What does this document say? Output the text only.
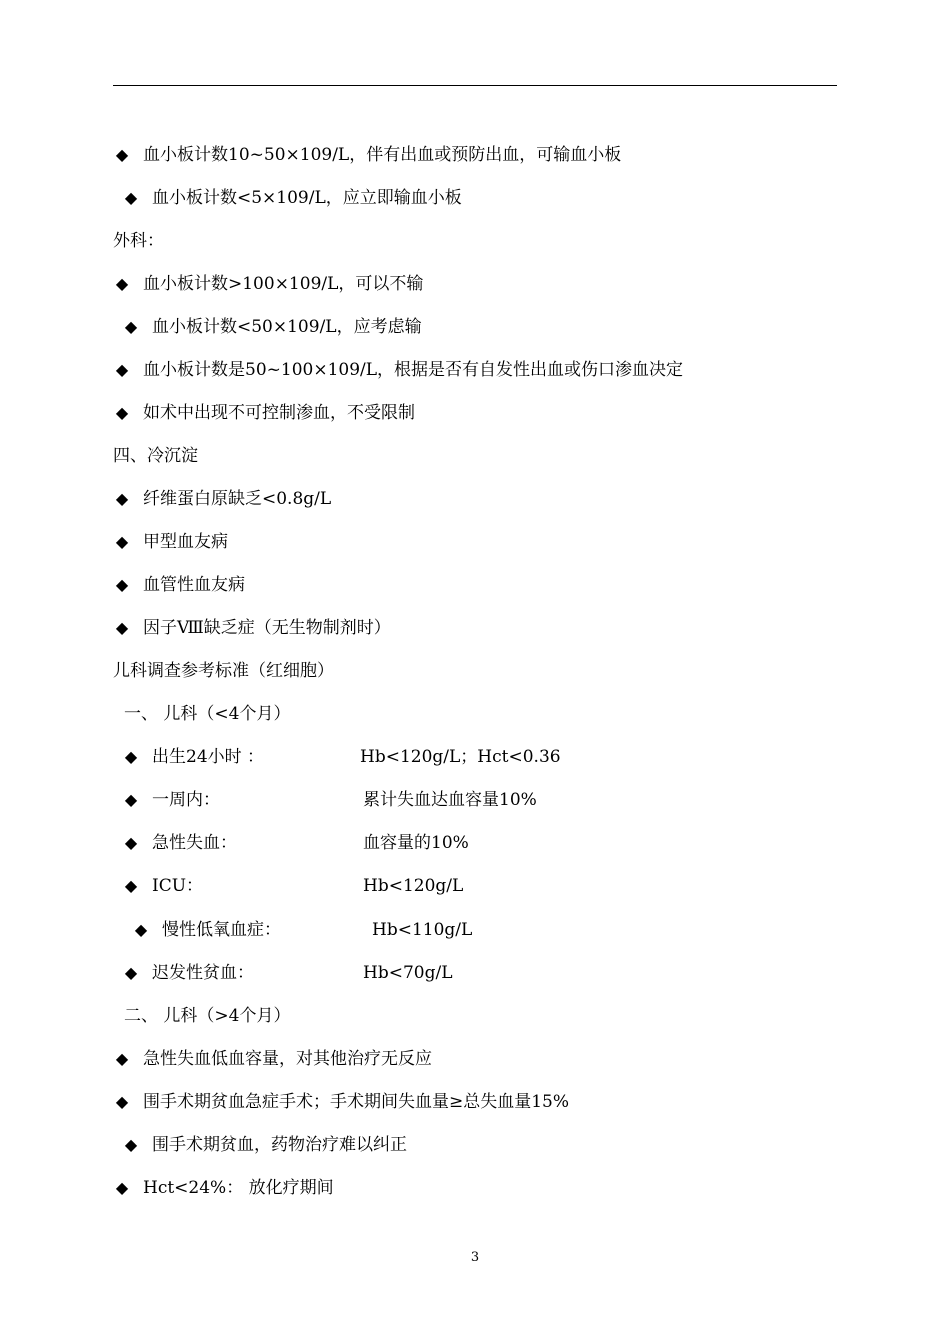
◆ 血小板计数10~50×109/L，伴有出血或预防出血，可输血小板
◆ 血小板计数<5×109/L，应立即输血小板
外科：
◆ 血小板计数>100×109/L，可以不输
◆ 血小板计数<50×109/L，应考虑输
◆ 血小板计数是50~100×109/L，根据是否有自发性出血或伤口渗血决定
◆ 如术中出现不可控制渗血，不受限制
四、冷沉淀
◆ 纤维蛋白原缺乏<0.8g/L
◆ 甲型血友病
◆ 血管性血友病
◆ 因子Ⅷ缺乏症（无生物制剂时）
儿科调查参考标准（红细胞）
一、 儿科（<4个月）
◆ 出生24小时 ：	Hb<120g/L；Hct<0.36
◆ 一周内：	累计失血达血容量10%
◆ 急性失血：	血容量的10%
◆ ICU：	Hb<120g/L
◆ 慢性低氧血症：	Hb<110g/L
◆ 迟发性贫血：	Hb<70g/L
二、 儿科（>4个月）
◆ 急性失血低血容量，对其他治疗无反应
◆ 围手术期贫血急症手术；手术期间失血量≥总失血量15%
◆ 围手术期贫血，药物治疗难以纠正
◆ Hct<24%： 放化疗期间
3
